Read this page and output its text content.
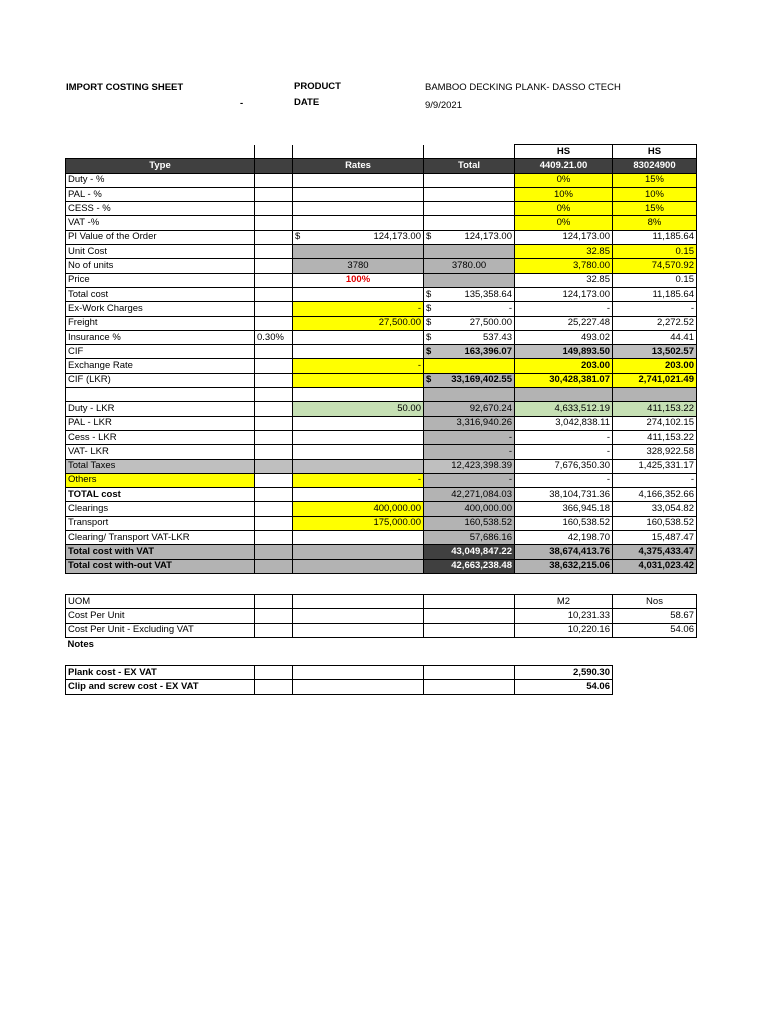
IMPORT COSTING SHEET
-
PRODUCT
DATE
BAMBOO DECKING PLANK- DASSO CTECH
9/9/2021
				HS	HS
Type		Rates	Total	4409.21.00	83024900
Duty - %				0%	15%
PAL - %				10%	10%
CESS - %				0%	15%
VAT -%				0%	8%
PI Value of the Order		$ 124,173.00	$ 124,173.00	124,173.00	11,185.64
Unit Cost				32.85	0.15
No of units		3780	3780.00	3,780.00	74,570.92
Price		100%		32.85	0.15
Total cost			$ 135,358.64	124,173.00	11,185.64
Ex-Work Charges		-	$ -	-	-
Freight		27,500.00	$ 27,500.00	25,227.48	2,272.52
Insurance %	0.30%		$ 537.43	493.02	44.41
CIF			$ 163,396.07	149,893.50	13,502.57
Exchange Rate		-		203.00	203.00
CIF (LKR)			$ 33,169,402.55	30,428,381.07	2,741,021.49

Duty - LKR		50.00	92,670.24	4,633,512.19	411,153.22
PAL - LKR			3,316,940.26	3,042,838.11	274,102.15
Cess - LKR			-	-	411,153.22
VAT- LKR			-	-	328,922.58
Total Taxes			12,423,398.39	7,676,350.30	1,425,331.17
Others		-	-	-	-
TOTAL cost			42,271,084.03	38,104,731.36	4,166,352.66
Clearings		400,000.00	400,000.00	366,945.18	33,054.82
Transport		175,000.00	160,538.52	160,538.52	160,538.52
Clearing/ Transport VAT-LKR			57,686.16	42,198.70	15,487.47
Total cost with VAT			43,049,847.22	38,674,413.76	4,375,433.47
Total cost with-out VAT			42,663,238.48	38,632,215.06	4,031,023.42
UOM				M2	Nos
Cost Per Unit				10,231.33	58.67
Cost Per Unit - Excluding VAT				10,220.16	54.06
Notes					
Plank cost - EX VAT				2,590.30
Clip and screw cost - EX VAT				54.06
